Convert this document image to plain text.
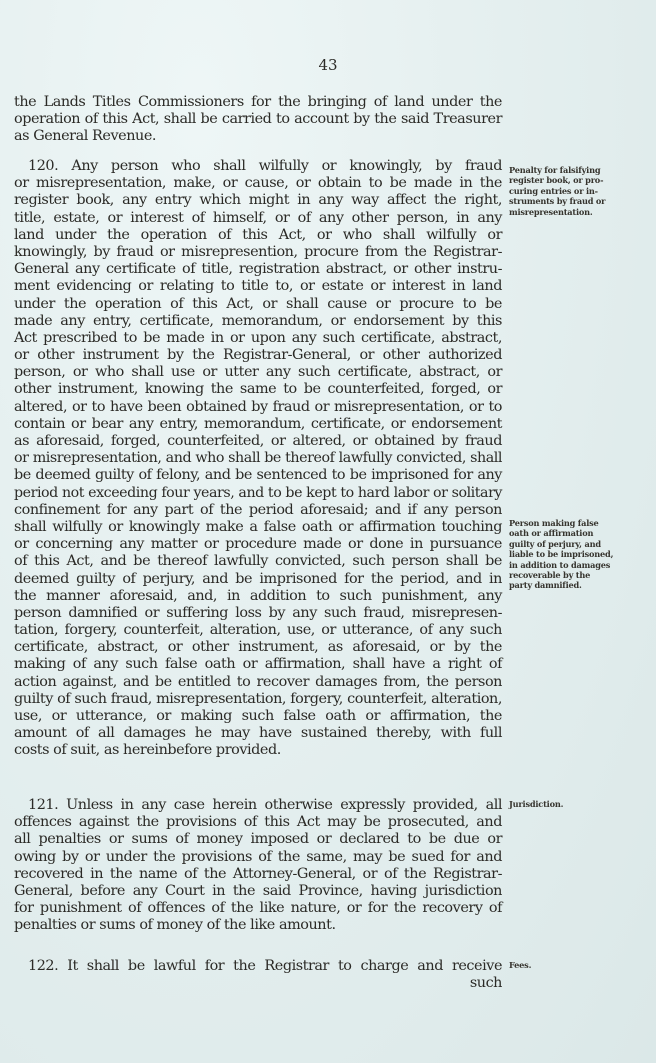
43
the Lands Titles Commissioners for the bringing of land under the
operation of this Act, shall be carried to account by the said Treasurer
as General Revenue.
120. Any person who shall wilfully or knowingly, by fraud
or misrepresentation, make, or cause, or obtain to be made in the
register book, any entry which might in any way affect the right,
title, estate, or interest of himself, or of any other person, in any
land under the operation of this Act, or who shall wilfully or
knowingly, by fraud or misrepresention, procure from the Registrar-
General any certificate of title, registration abstract, or other instru-
ment evidencing or relating to title to, or estate or interest in land
under the operation of this Act, or shall cause or procure to be
made any entry, certificate, memorandum, or endorsement by this
Act prescribed to be made in or upon any such certificate, abstract,
or other instrument by the Registrar-General, or other authorized
person, or who shall use or utter any such certificate, abstract, or
other instrument, knowing the same to be counterfeited, forged, or
altered, or to have been obtained by fraud or misrepresentation, or to
contain or bear any entry, memorandum, certificate, or endorsement
as aforesaid, forged, counterfeited, or altered, or obtained by fraud
or misrepresentation, and who shall be thereof lawfully convicted, shall
be deemed guilty of felony, and be sentenced to be imprisoned for any
period not exceeding four years, and to be kept to hard labor or solitary
confinement for any part of the period aforesaid; and if any person
shall wilfully or knowingly make a false oath or affirmation touching
or concerning any matter or procedure made or done in pursuance
of this Act, and be thereof lawfully convicted, such person shall be
deemed guilty of perjury, and be imprisoned for the period, and in
the manner aforesaid, and, in addition to such punishment, any
person damnified or suffering loss by any such fraud, misrepresen-
tation, forgery, counterfeit, alteration, use, or utterance, of any such
certificate, abstract, or other instrument, as aforesaid, or by the
making of any such false oath or affirmation, shall have a right of
action against, and be entitled to recover damages from, the person
guilty of such fraud, misrepresentation, forgery, counterfeit, alteration,
use, or utterance, or making such false oath or affirmation, the
amount of all damages he may have sustained thereby, with full
costs of suit, as hereinbefore provided.
Penalty for falsifying
register book, or pro-
curing entries or in-
struments by fraud or
misrepresentation.
Person making false
oath or affirmation
guilty of perjury, and
liable to be imprisoned,
in addition to damages
recoverable by the
party damnified.
121. Unless in any case herein otherwise expressly provided, all
offences against the provisions of this Act may be prosecuted, and
all penalties or sums of money imposed or declared to be due or
owing by or under the provisions of the same, may be sued for and
recovered in the name of the Attorney-General, or of the Registrar-
General, before any Court in the said Province, having jurisdiction
for punishment of offences of the like nature, or for the recovery of
penalties or sums of money of the like amount.
Jurisdiction.
122. It shall be lawful for the Registrar to charge and receive
such
Fees.
